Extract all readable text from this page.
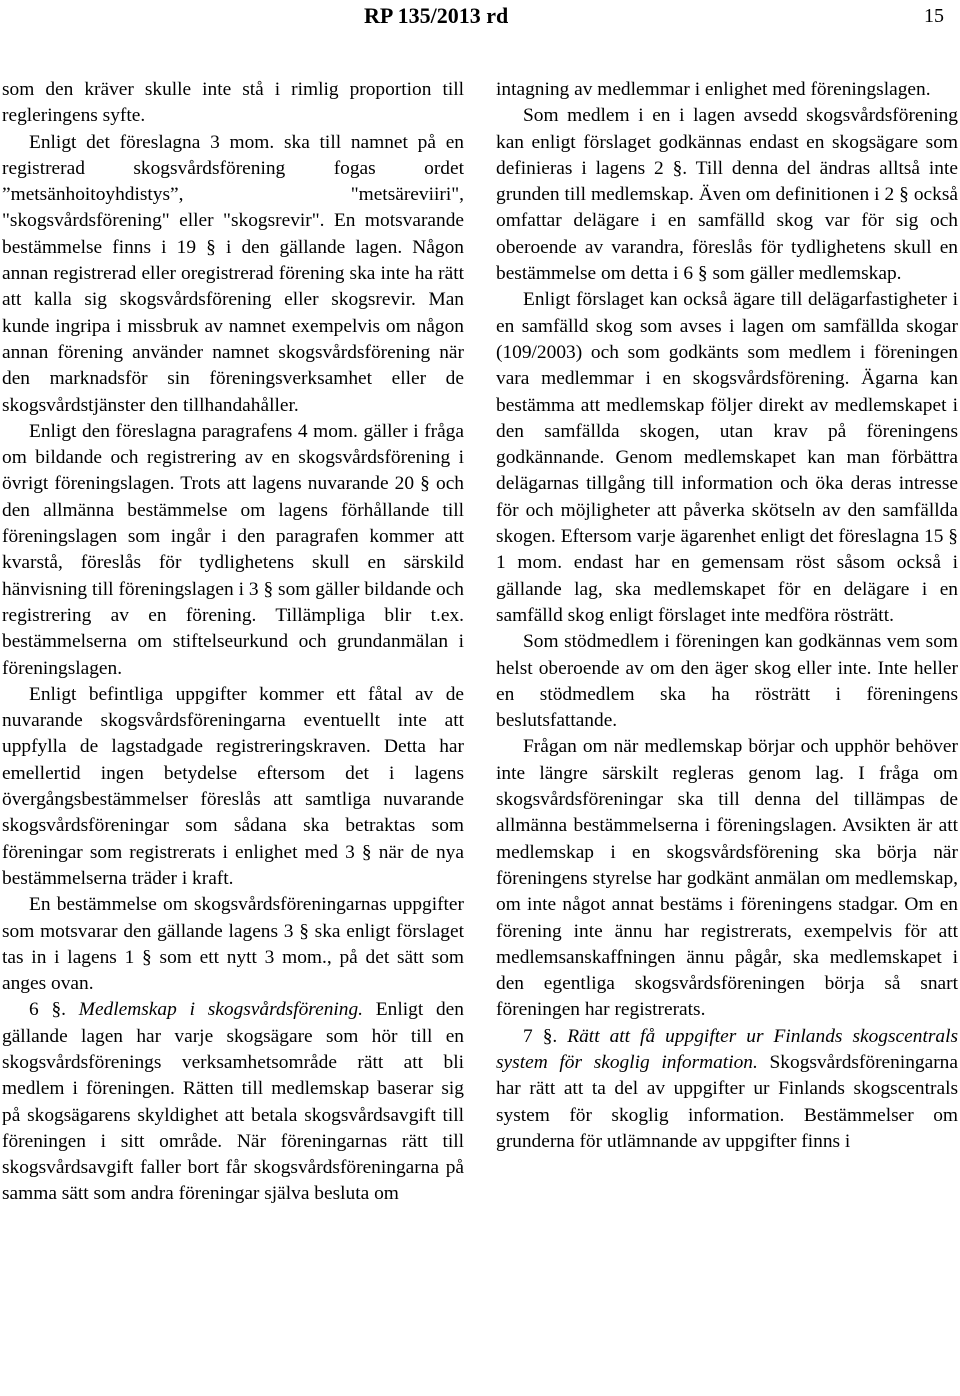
RP 135/2013 rd	15

som den kräver skulle inte stå i rimlig proportion till regleringens syfte.

Enligt det föreslagna 3 mom. ska till namnet på en registrerad skogsvårdsförening fogas ordet ”metsänhoitoyhdistys”, "metsäreviiri", "skogsvårdsförening" eller "skogsrevir". En motsvarande bestämmelse finns i 19 § i den gällande lagen. Någon annan registrerad eller oregistrerad förening ska inte ha rätt att kalla sig skogsvårdsförening eller skogsrevir. Man kunde ingripa i missbruk av namnet exempelvis om någon annan förening använder namnet skogsvårdsförening när den marknadsför sin föreningsverksamhet eller de skogsvårdstjänster den tillhandahåller.

Enligt den föreslagna paragrafens 4 mom. gäller i fråga om bildande och registrering av en skogsvårdsförening i övrigt föreningslagen. Trots att lagens nuvarande 20 § och den allmänna bestämmelse om lagens förhållande till föreningslagen som ingår i den paragrafen kommer att kvarstå, föreslås för tydlighetens skull en särskild hänvisning till föreningslagen i 3 § som gäller bildande och registrering av en förening. Tillämpliga blir t.ex. bestämmelserna om stiftelseurkund och grundanmälan i föreningslagen.

Enligt befintliga uppgifter kommer ett fåtal av de nuvarande skogsvårdsföreningarna eventuellt inte att uppfylla de lagstadgade registreringskraven. Detta har emellertid ingen betydelse eftersom det i lagens övergångsbestämmelser föreslås att samtliga nuvarande skogsvårdsföreningar som sådana ska betraktas som föreningar som registrerats i enlighet med 3 § när de nya bestämmelserna träder i kraft.

En bestämmelse om skogsvårdsföreningarnas uppgifter som motsvarar den gällande lagens 3 § ska enligt förslaget tas in i lagens 1 § som ett nytt 3 mom., på det sätt som anges ovan.

6 §. Medlemskap i skogsvårdsförening. Enligt den gällande lagen har varje skogsägare som hör till en skogsvårdsförenings verksamhetsområde rätt att bli medlem i föreningen. Rätten till medlemskap baserar sig på skogsägarens skyldighet att betala skogsvårdsavgift till föreningen i sitt område. När föreningarnas rätt till skogsvårdsavgift faller bort får skogsvårdsföreningarna på samma sätt som andra föreningar själva besluta om

intagning av medlemmar i enlighet med föreningslagen.

Som medlem i en i lagen avsedd skogsvårdsförening kan enligt förslaget godkännas endast en skogsägare som definieras i lagens 2 §. Till denna del ändras alltså inte grunden till medlemskap. Även om definitionen i 2 § också omfattar delägare i en samfälld skog var för sig och oberoende av varandra, föreslås för tydlighetens skull en bestämmelse om detta i 6 § som gäller medlemskap.

Enligt förslaget kan också ägare till delägarfastigheter i en samfälld skog som avses i lagen om samfällda skogar (109/2003) och som godkänts som medlem i föreningen vara medlemmar i en skogsvårdsförening. Ägarna kan bestämma att medlemskap följer direkt av medlemskapet i den samfällda skogen, utan krav på föreningens godkännande. Genom medlemskapet kan man förbättra delägarnas tillgång till information och öka deras intresse för och möjligheter att påverka skötseln av den samfällda skogen. Eftersom varje ägarenhet enligt det föreslagna 15 § 1 mom. endast har en gemensam röst såsom också i gällande lag, ska medlemskapet för en delägare i en samfälld skog enligt förslaget inte medföra rösträtt.

Som stödmedlem i föreningen kan godkännas vem som helst oberoende av om den äger skog eller inte. Inte heller en stödmedlem ska ha rösträtt i föreningens beslutsfattande.

Frågan om när medlemskap börjar och upphör behöver inte längre särskilt regleras genom lag. I fråga om skogsvårdsföreningar ska till denna del tillämpas de allmänna bestämmelserna i föreningslagen. Avsikten är att medlemskap i en skogsvårdsförening ska börja när föreningens styrelse har godkänt anmälan om medlemskap, om inte något annat bestäms i föreningens stadgar. Om en förening inte ännu har registrerats, exempelvis för att medlemsanskaffningen ännu pågår, ska medlemskapet i den egentliga skogsvårdsföreningen börja så snart föreningen har registrerats.

7 §. Rätt att få uppgifter ur Finlands skogscentrals system för skoglig information. Skogsvårdsföreningarna har rätt att ta del av uppgifter ur Finlands skogscentrals system för skoglig information. Bestämmelser om grunderna för utlämnande av uppgifter finns i
